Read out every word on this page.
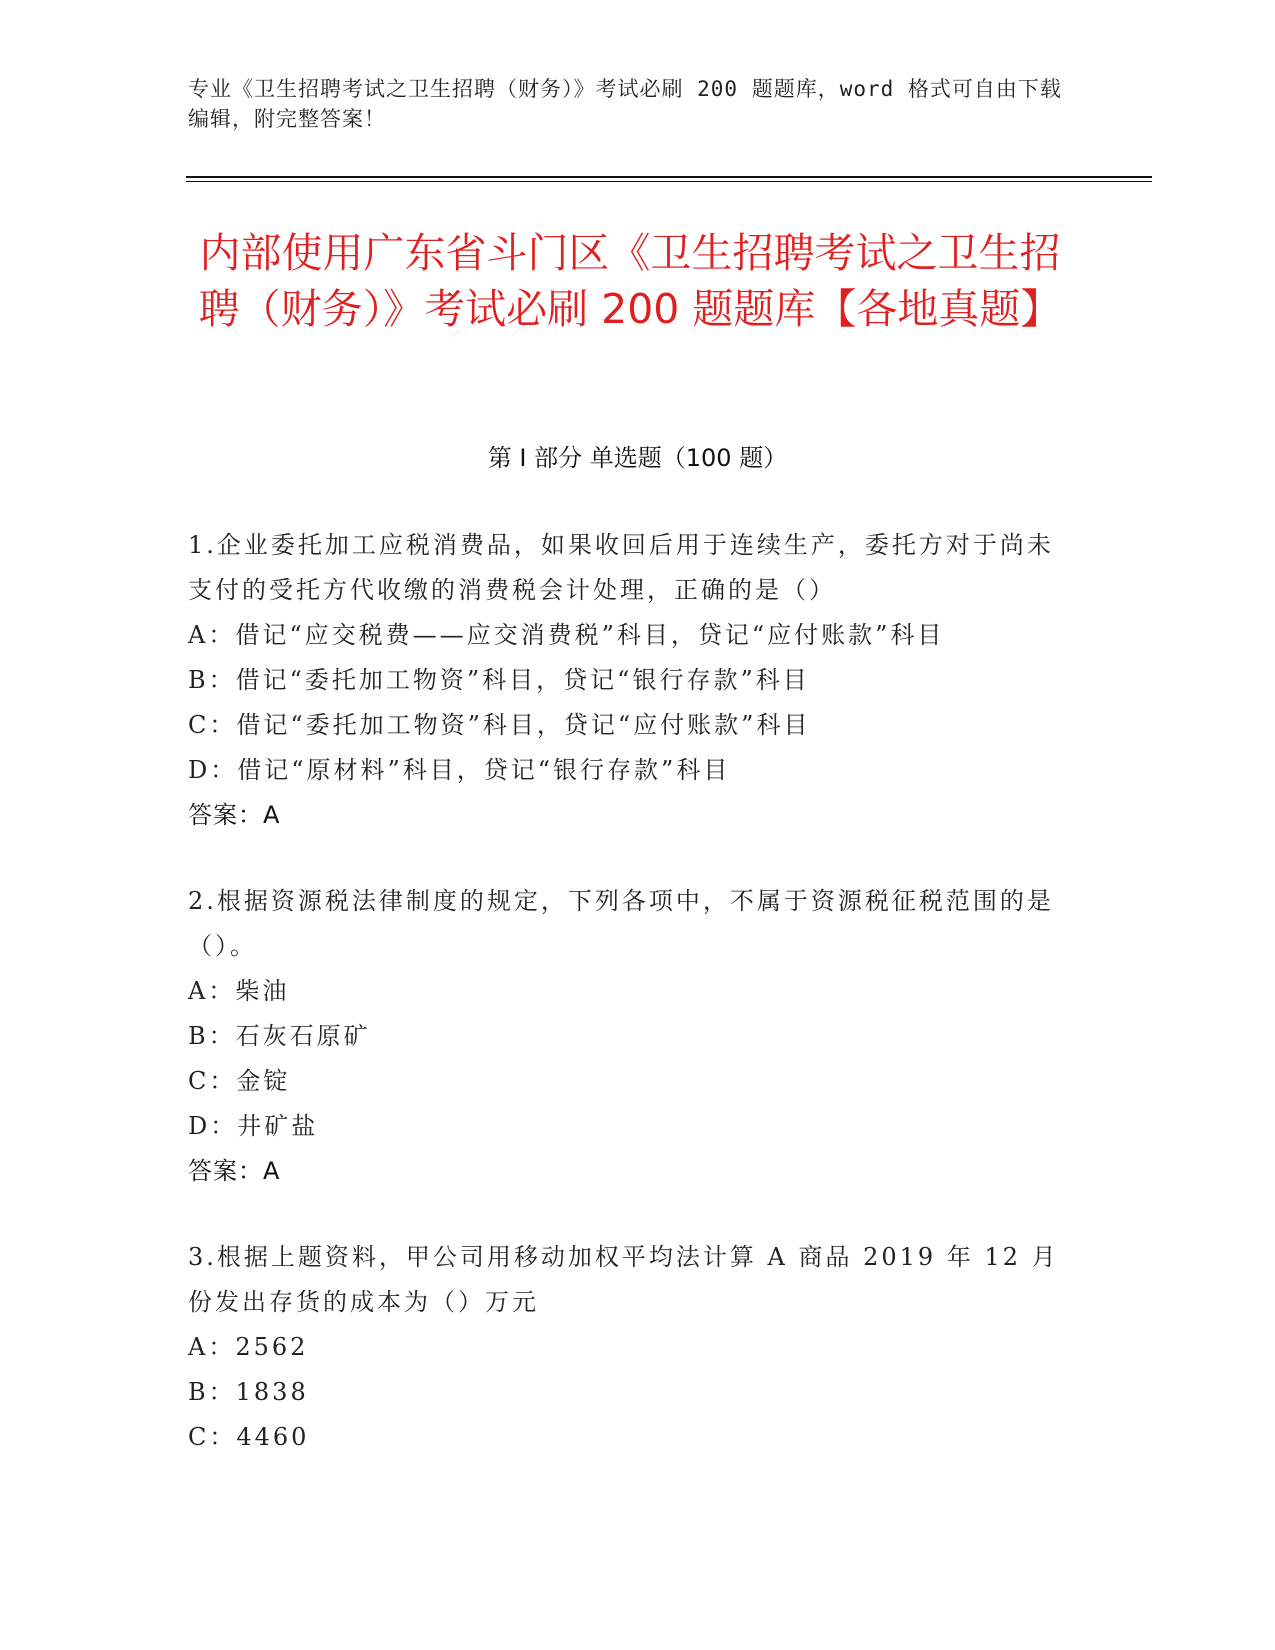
专业《卫生招聘考试之卫生招聘（财务）》考试必刷 200 题题库，word 格式可自由下载编辑，附完整答案！
内部使用广东省斗门区《卫生招聘考试之卫生招聘（财务）》考试必刷 200 题题库【各地真题】
第 I 部分 单选题（100 题）
1.企业委托加工应税消费品，如果收回后用于连续生产，委托方对于尚未支付的受托方代收缴的消费税会计处理，正确的是（）
A：借记“应交税费——应交消费税”科目，贷记“应付账款”科目
B：借记“委托加工物资”科目，贷记“银行存款”科目
C：借记“委托加工物资”科目，贷记“应付账款”科目
D：借记“原材料”科目，贷记“银行存款”科目
答案：A
2.根据资源税法律制度的规定，下列各项中，不属于资源税征税范围的是（）。
A：柴油
B：石灰石原矿
C：金锭
D：井矿盐
答案：A
3.根据上题资料，甲公司用移动加权平均法计算 A 商品 2019 年 12 月份发出存货的成本为（）万元
A：2562
B：1838
C：4460
